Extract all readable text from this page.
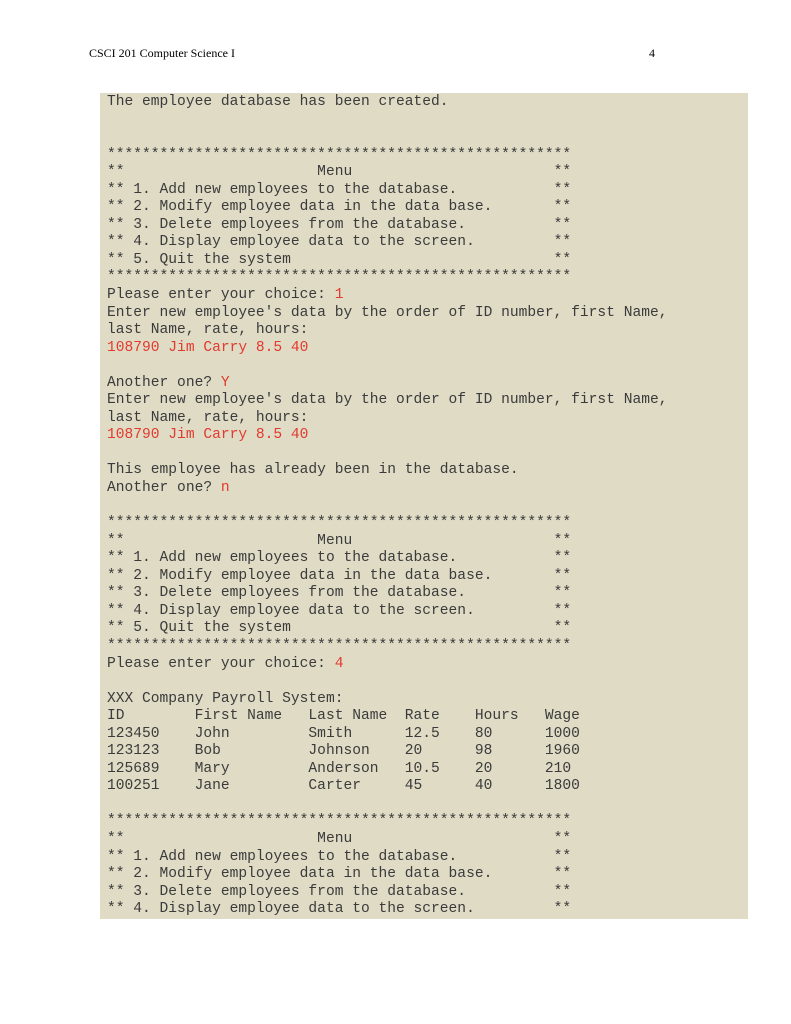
CSCI 201 Computer Science I	4
The employee database has been created.
*****************************************************
**                      Menu                       **
** 1. Add new employees to the database.           **
** 2. Modify employee data in the data base.       **
** 3. Delete employees from the database.          **
** 4. Display employee data to the screen.         **
** 5. Quit the system                              **
*****************************************************
Please enter your choice: 1
Enter new employee's data by the order of ID number, first Name,
last Name, rate, hours:
108790 Jim Carry 8.5 40
Another one? Y
Enter new employee's data by the order of ID number, first Name,
last Name, rate, hours:
108790 Jim Carry 8.5 40
This employee has already been in the database.
Another one? n
*****************************************************
**                      Menu                       **
** 1. Add new employees to the database.           **
** 2. Modify employee data in the data base.       **
** 3. Delete employees from the database.          **
** 4. Display employee data to the screen.         **
** 5. Quit the system                              **
*****************************************************
Please enter your choice: 4
XXX Company Payroll System:
ID        First Name   Last Name  Rate    Hours   Wage
123450    John         Smith      12.5    80      1000
123123    Bob          Johnson    20      98      1960
125689    Mary         Anderson   10.5    20      210
100251    Jane         Carter     45      40      1800
*****************************************************
**                      Menu                       **
** 1. Add new employees to the database.           **
** 2. Modify employee data in the data base.       **
** 3. Delete employees from the database.          **
** 4. Display employee data to the screen.         **
